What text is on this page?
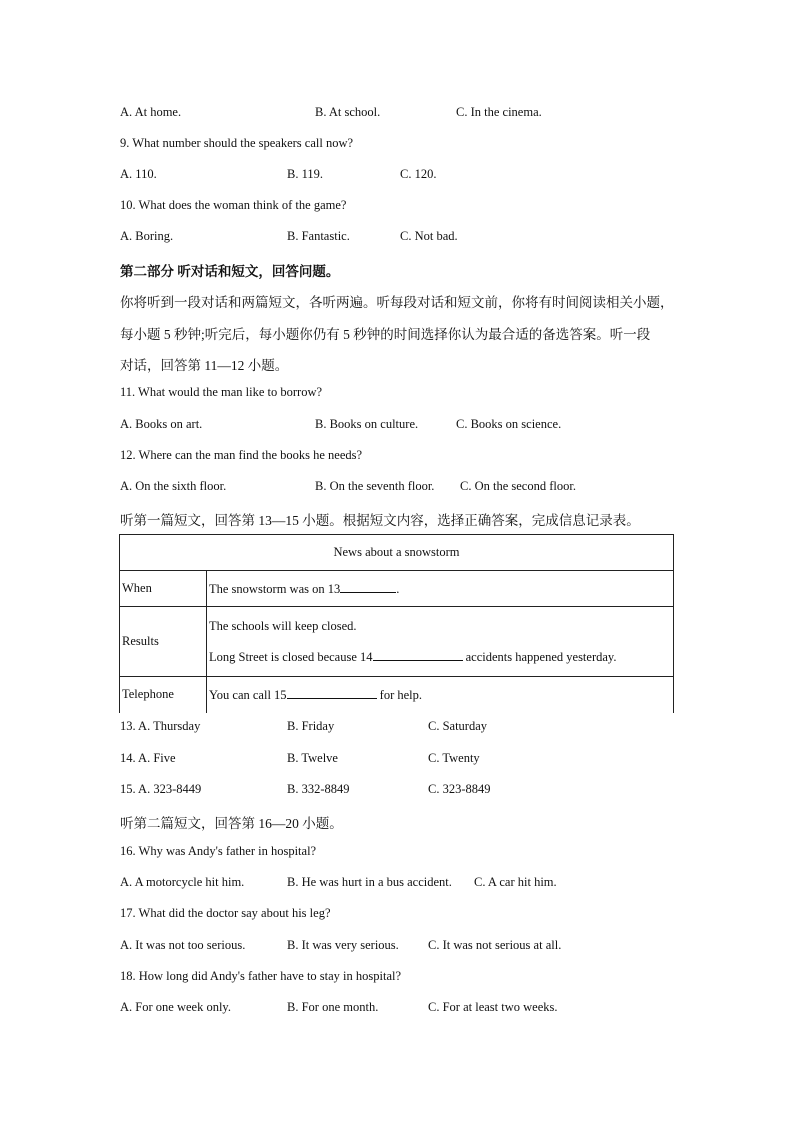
A. At home.	B. At school.	C. In the cinema.
9. What number should the speakers call now?
A. 110.	B. 119.	C. 120.
10. What does the woman think of the game?
A. Boring.	B. Fantastic.	C. Not bad.
第二部分 听对话和短文，回答问题。
你将听到一段对话和两篇短文，各听两遍。听每段对话和短文前，你将有时间阅读相关小题，
每小题 5 秒钟;听完后，每小题你仍有 5 秒钟的时间选择你认为最合适的备选答案。听一段
对话，回答第 11—12 小题。
11. What would the man like to borrow?
A. Books on art.	B. Books on culture.	C. Books on science.
12. Where can the man find the books he needs?
A. On the sixth floor.	B. On the seventh floor. C. On the second floor.
听第一篇短文，回答第 13—15 小题。根据短文内容，选择正确答案，完成信息记录表。
News about a snowstorm	
When	The snowstorm was on 13 .
Results	The schools will keep closed.
Long Street is closed because 14 accidents happened yesterday.

Telephone	You can call 15 for help.
13. A. Thursday	B. Friday	C. Saturday
14. A. Five	B. Twelve	C. Twenty
15. A. 323-8449	B. 332-8849	C. 323-8849
听第二篇短文，回答第 16—20 小题。
16. Why was Andy's father in hospital?
A. A motorcycle hit him.	B. He was hurt in a bus accident. C. A car hit him.
17. What did the doctor say about his leg?
A. It was not too serious.	B. It was very serious. C. It was not serious at all.
18. How long did Andy's father have to stay in hospital?
A. For one week only.	B. For one month.	C. For at least two weeks.
